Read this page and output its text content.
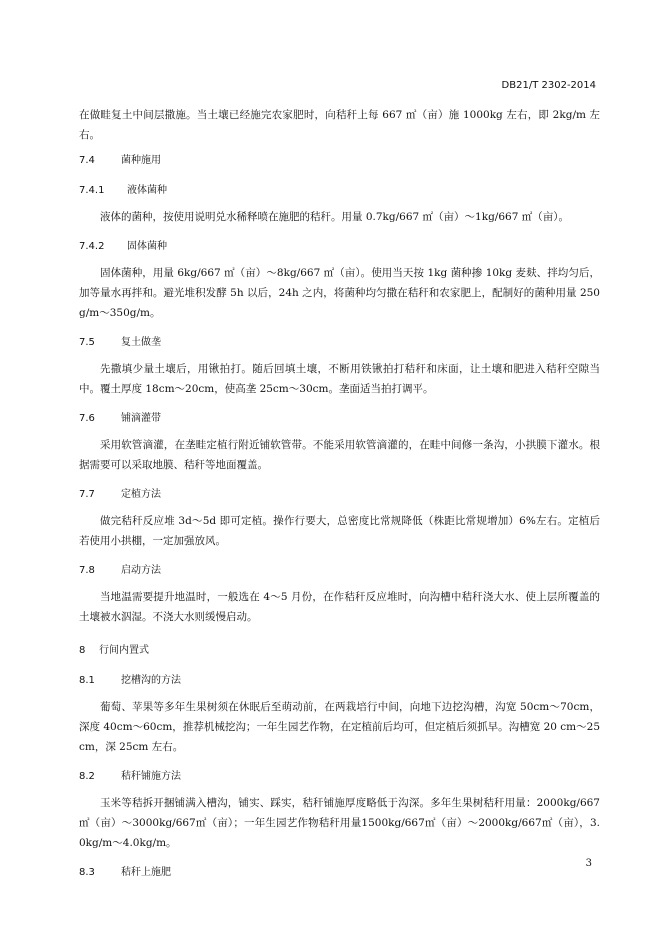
DB21/T 2302-2014

在做畦复土中间层撒施。当土壤已经施完农家肥时，向秸秆上每 667 ㎡（亩）施 1000kg 左右，即 2kg/m 左右。

7.4	菌种施用
7.4.1 液体菌种

液体的菌种，按使用说明兑水稀释喷在施肥的秸秆。用量 0.7kg/667 ㎡（亩）～1kg/667 ㎡（亩）。

7.4.2 固体菌种

固体菌种，用量 6kg/667 ㎡（亩）～8kg/667 ㎡（亩）。使用当天按 1kg 菌种掺 10kg 麦麸、拌均匀后，加等量水再拌和。避光堆积发酵 5h 以后，24h 之内，将菌种均匀撒在秸秆和农家肥上，配制好的菌种用量 250g/m～350g/m。

7.5	复土做垄

先撒填少量土壤后，用锹拍打。随后回填土壤，不断用铁锹拍打秸秆和床面，让土壤和肥进入秸秆空隙当中。覆土厚度 18cm～20cm，使高垄 25cm～30cm。垄面适当拍打调平。

7.6	铺滴灌带

采用软管滴灌，在垄畦定植行附近铺软管带。不能采用软管滴灌的，在畦中间修一条沟，小拱膜下灌水。根据需要可以采取地膜、秸秆等地面覆盖。

7.7	定植方法

做完秸秆反应堆 3d～5d 即可定植。操作行要大，总密度比常规降低（株距比常规增加）6%左右。定植后若使用小拱棚，一定加强放风。

7.8	启动方法

当地温需要提升地温时，一般选在 4～5 月份，在作秸秆反应堆时，向沟槽中秸秆浇大水、使上层所覆盖的土壤被水泅湿。不浇大水则缓慢启动。

8 行间内置式
8.1	挖槽沟的方法

葡萄、苹果等多年生果树须在休眠后至萌动前，在两栽培行中间，向地下边挖沟槽，沟宽 50cm～70cm，深度 40cm～60cm，推荐机械挖沟；一年生园艺作物，在定植前后均可，但定植后须抓早。沟槽宽 20 cm～25 cm，深 25cm 左右。

8.2	秸秆铺施方法

玉米等秸拆开捆铺满入槽沟，铺实、踩实，秸秆铺施厚度略低于沟深。多年生果树秸秆用量：2000kg/667㎡（亩）～3000kg/667㎡（亩）；一年生园艺作物秸秆用量1500kg/667㎡（亩）～2000kg/667㎡（亩），3.0kg/m～4.0kg/m。

8.3	秸秆上施肥
3
